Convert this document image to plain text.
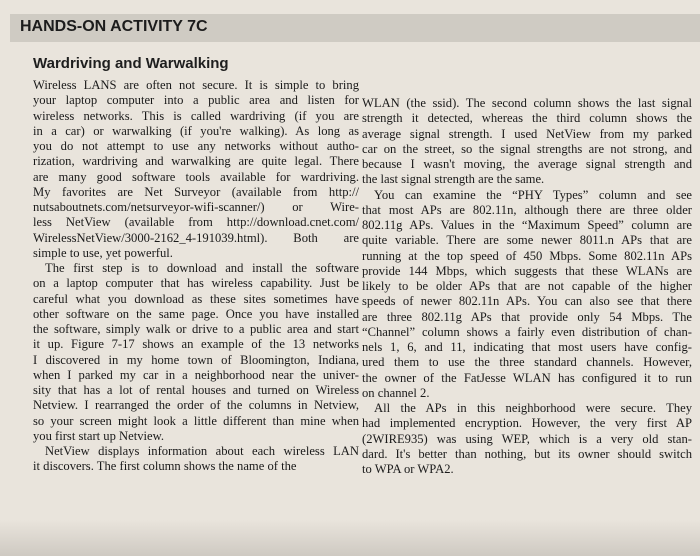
HANDS-ON ACTIVITY 7C
Wardriving and Warwalking
Wireless LANS are often not secure. It is simple to bring
your laptop computer into a public area and listen for
wireless networks. This is called wardriving (if you are
in a car) or warwalking (if you're walking). As long as
you do not attempt to use any networks without autho-
rization, wardriving and warwalking are quite legal. There
are many good software tools available for wardriving.
My favorites are Net Surveyor (available from http://
nutsaboutnets.com/netsurveyor-wifi-scanner/) or Wire-
less NetView (available from http://download.cnet.com/
WirelessNetView/3000-2162_4-191039.html). Both are
simple to use, yet powerful.
The first step is to download and install the software
on a laptop computer that has wireless capability. Just be
careful what you download as these sites sometimes have
other software on the same page. Once you have installed
the software, simply walk or drive to a public area and start
it up. Figure 7-17 shows an example of the 13 networks
I discovered in my home town of Bloomington, Indiana,
when I parked my car in a neighborhood near the univer-
sity that has a lot of rental houses and turned on Wireless
Netview. I rearranged the order of the columns in Netview,
so your screen might look a little different than mine when
you first start up Netview.
NetView displays information about each wireless LAN
it discovers. The first column shows the name of the
WLAN (the ssid). The second column shows the last signal
strength it detected, whereas the third column shows the
average signal strength. I used NetView from my parked
car on the street, so the signal strengths are not strong, and
because I wasn't moving, the average signal strength and
the last signal strength are the same.
You can examine the “PHY Types” column and see
that most APs are 802.11n, although there are three older
802.11g APs. Values in the “Maximum Speed” column are
quite variable. There are some newer 8011.n APs that are
running at the top speed of 450 Mbps. Some 802.11n APs
provide 144 Mbps, which suggests that these WLANs are
likely to be older APs that are not capable of the higher
speeds of newer 802.11n APs. You can also see that there
are three 802.11g APs that provide only 54 Mbps. The
“Channel” column shows a fairly even distribution of chan-
nels 1, 6, and 11, indicating that most users have config-
ured them to use the three standard channels. However,
the owner of the FatJesse WLAN has configured it to run
on channel 2.
All the APs in this neighborhood were secure. They
had implemented encryption. However, the very first AP
(2WIRE935) was using WEP, which is a very old stan-
dard. It's better than nothing, but its owner should switch
to WPA or WPA2.
